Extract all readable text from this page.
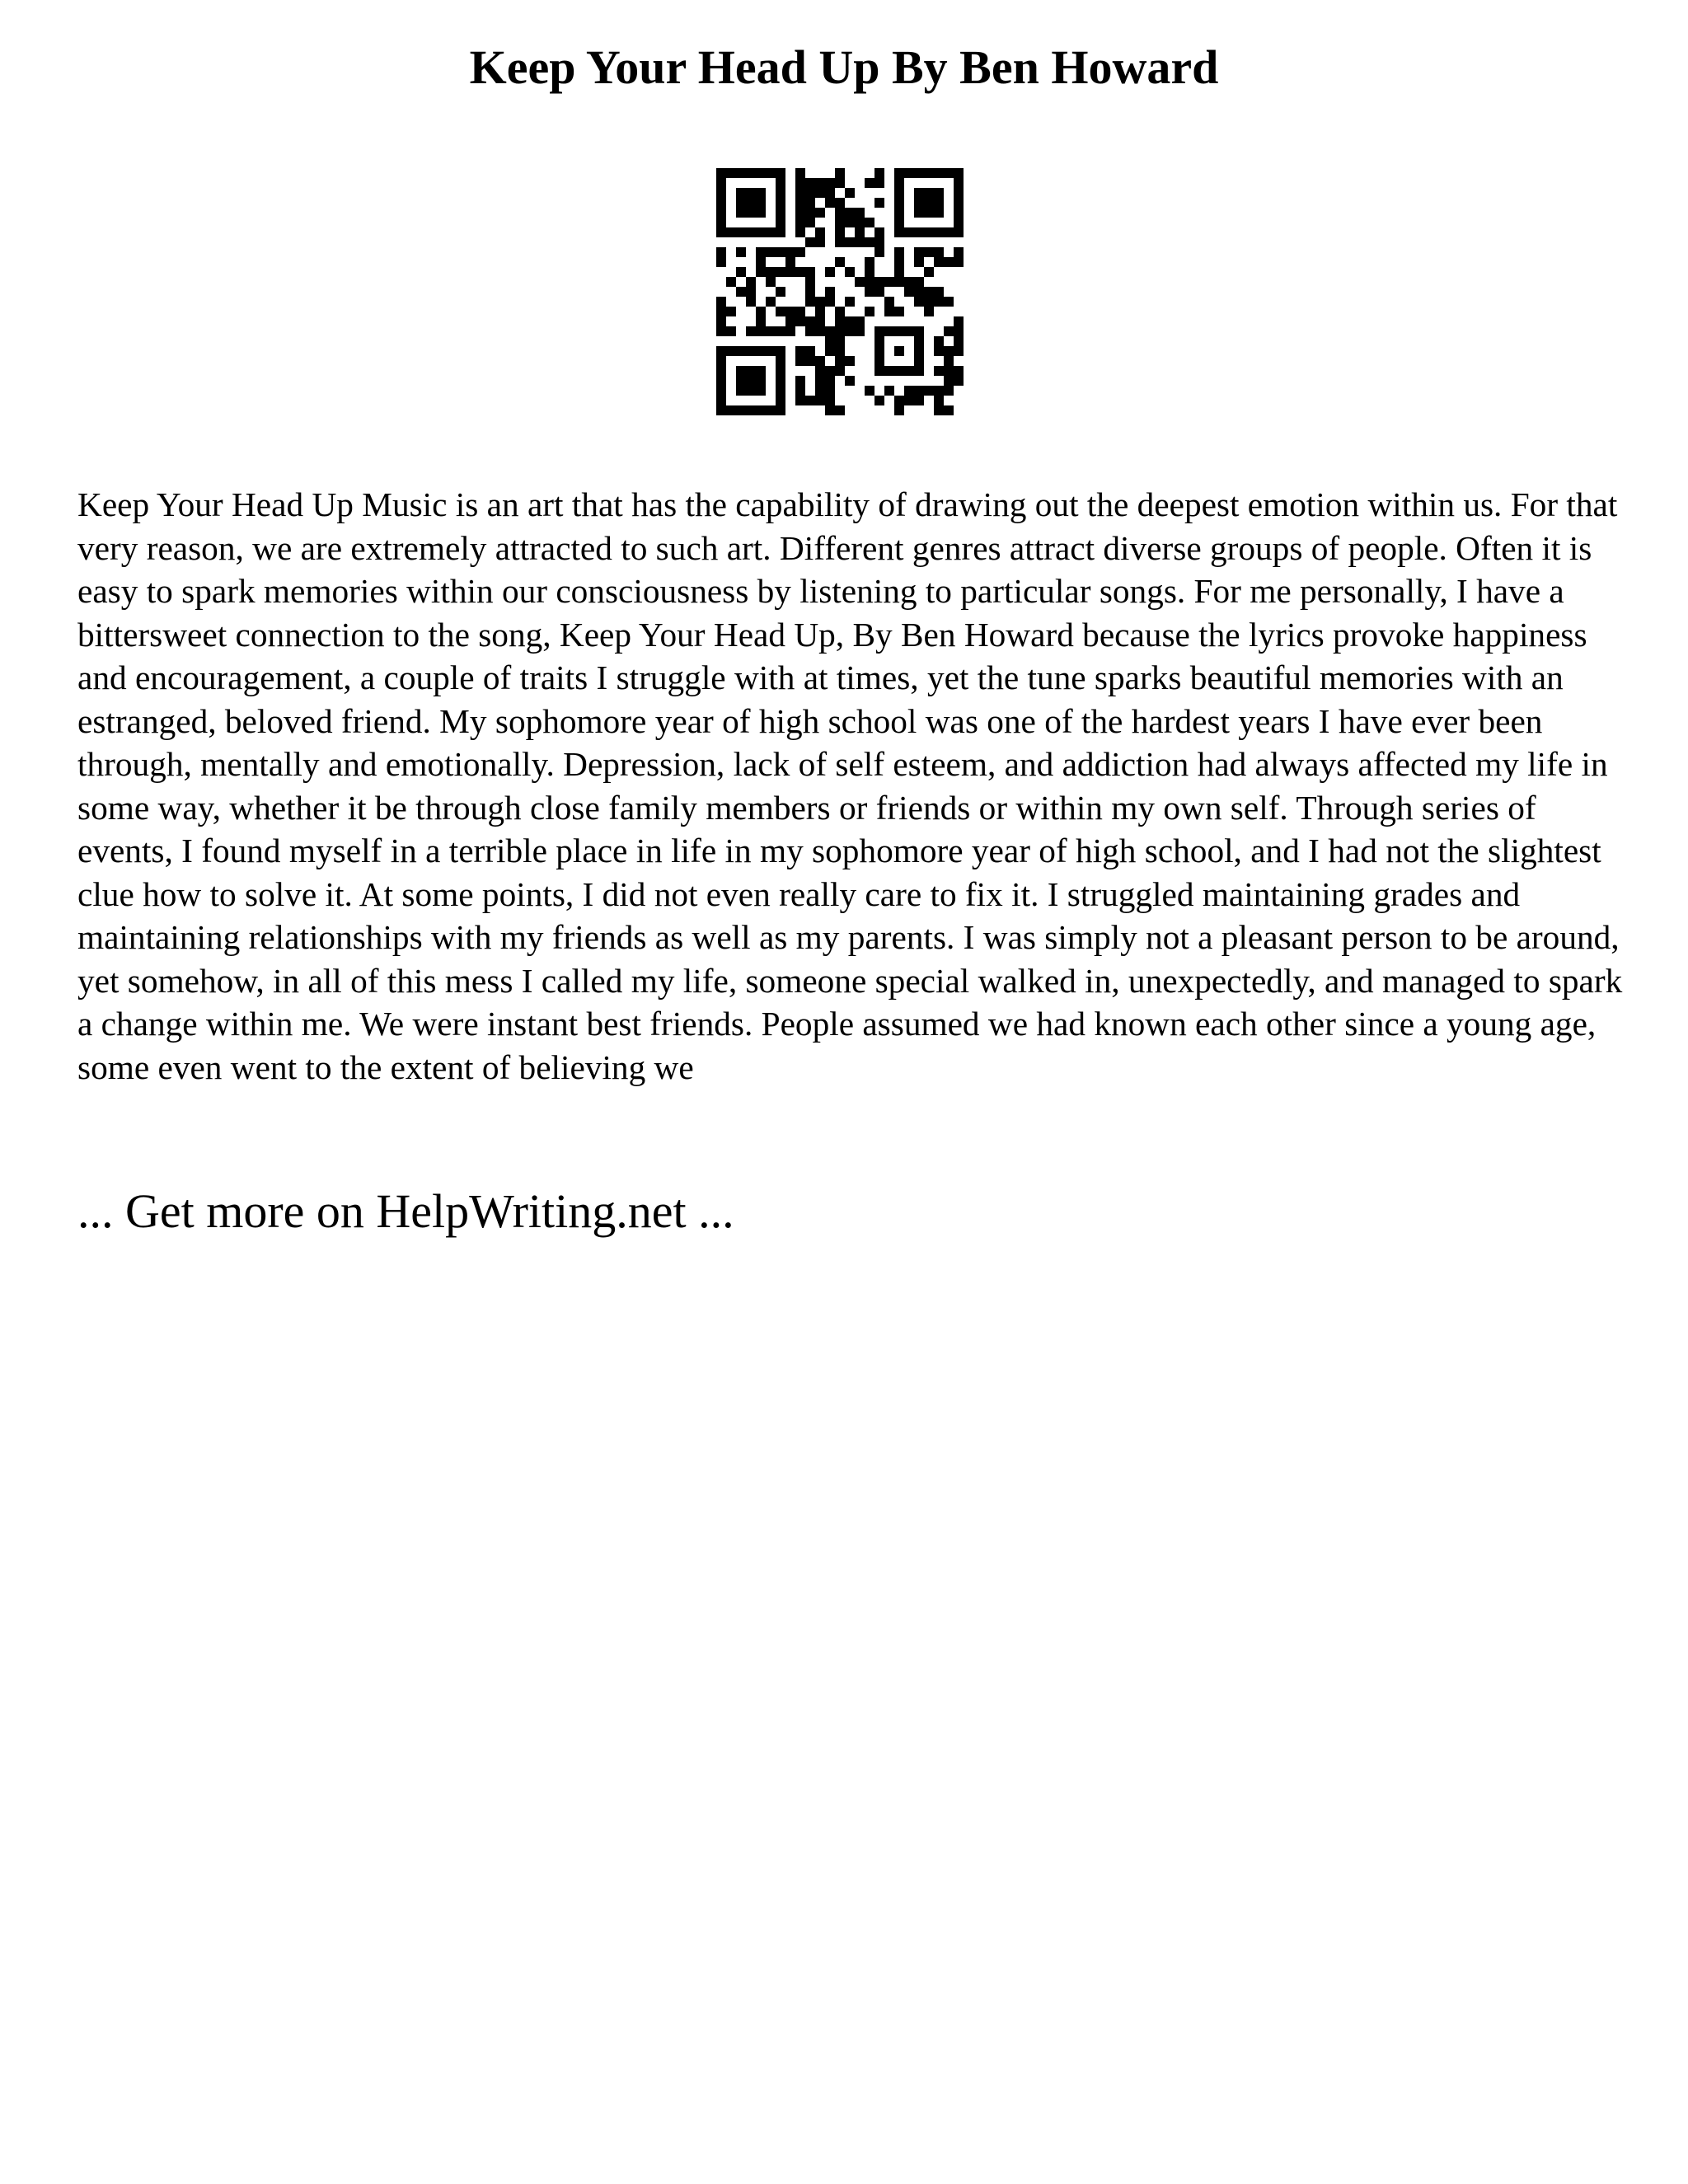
Keep Your Head Up By Ben Howard

Keep Your Head Up Music is an art that has the capability of drawing out the deepest emotion within us. For that very reason, we are extremely attracted to such art. Different genres attract diverse groups of people. Often it is easy to spark memories within our consciousness by listening to particular songs. For me personally, I have a bittersweet connection to the song, Keep Your Head Up, By Ben Howard because the lyrics provoke happiness and encouragement, a couple of traits I struggle with at times, yet the tune sparks beautiful memories with an estranged, beloved friend. My sophomore year of high school was one of the hardest years I have ever been through, mentally and emotionally. Depression, lack of self esteem, and addiction had always affected my life in some way, whether it be through close family members or friends or within my own self. Through series of events, I found myself in a terrible place in life in my sophomore year of high school, and I had not the slightest clue how to solve it. At some points, I did not even really care to fix it. I struggled maintaining grades and maintaining relationships with my friends as well as my parents. I was simply not a pleasant person to be around, yet somehow, in all of this mess I called my life, someone special walked in, unexpectedly, and managed to spark a change within me. We were instant best friends. People assumed we had known each other since a young age, some even went to the extent of believing we

... Get more on HelpWriting.net ...
